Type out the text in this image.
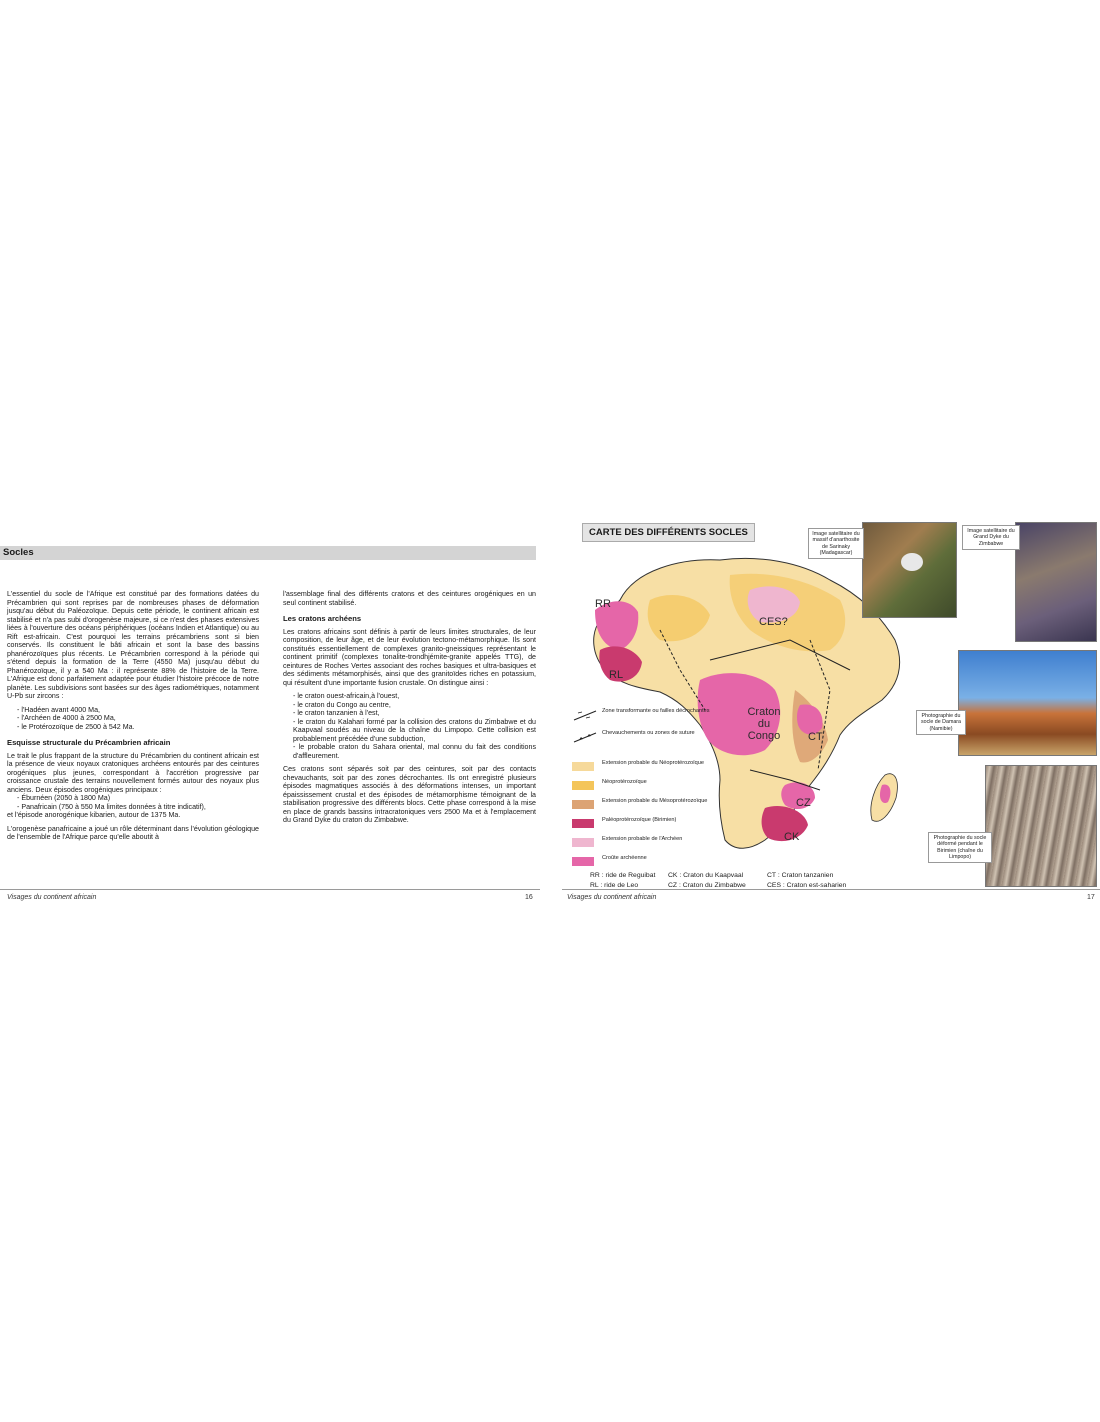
Socles

L'essentiel du socle de l'Afrique est constitué par des formations datées du Précambrien qui sont reprises par de nombreuses phases de déformation jusqu'au début du Paléozoïque. Depuis cette période, le continent africain est stabilisé et n'a pas subi d'orogenèse majeure, si ce n'est des phases extensives liées à l'ouverture des océans périphériques (océans Indien et Atlantique) ou au Rift est-africain. C'est pourquoi les terrains précambriens sont si bien conservés. Ils constituent le bâti africain et sont la base des bassins phanérozoïques plus récents. Le Précambrien correspond à la période qui s'étend depuis la formation de la Terre (4550 Ma) jusqu'au début du Phanérozoïque, il y a 540 Ma : il représente 88% de l'histoire de la Terre. L'Afrique est donc parfaitement adaptée pour étudier l'histoire précoce de notre planète. Les subdivisions sont basées sur des âges radiométriques, notamment U-Pb sur zircons :

- l'Hadéen avant 4000 Ma,
- l'Archéen de 4000 à 2500 Ma,
- le Protérozoïque de 2500 à 542 Ma.
Esquisse structurale du Précambrien africain

Le trait le plus frappant de la structure du Précambrien du continent africain est la présence de vieux noyaux cratoniques archéens entourés par des ceintures orogéniques plus jeunes, correspondant à l'accrétion progressive par croissance crustale des terrains nouvellement formés autour des noyaux plus anciens. Deux épisodes orogéniques principaux :

- Éburnéen (2050 à 1800 Ma)
- Panafricain (750 à 550 Ma limites données à titre indicatif),

et l'épisode anorogénique kibarien, autour de 1375 Ma.

L'orogenèse panafricaine a joué un rôle déterminant dans l'évolution géologique de l'ensemble de l'Afrique parce qu'elle aboutit à

l'assemblage final des différents cratons et des ceintures orogéniques en un seul continent stabilisé.

Les cratons archéens

Les cratons africains sont définis à partir de leurs limites structurales, de leur composition, de leur âge, et de leur évolution tectono-métamorphique. Ils sont constitués essentiellement de complexes granito-gneissiques représentant le continent primitif (complexes tonalite-trondhjémite-granite appelés TTG), de ceintures de Roches Vertes associant des roches basiques et ultra-basiques et des sédiments métamorphisés, ainsi que des granitoïdes riches en potassium, qui résultent d'une importante fusion crustale. On distingue ainsi :

- le craton ouest-africain,à l'ouest,
- le craton du Congo au centre,
- le craton tanzanien à l'est,
- le craton du Kalahari formé par la collision des cratons du Zimbabwe et du Kaapvaal soudés au niveau de la chaîne du Limpopo. Cette collision est probablement précédée d'une subduction,
- le probable craton du Sahara oriental, mal connu du fait des conditions d'affleurement.

Ces cratons sont séparés soit par des ceintures, soit par des contacts chevauchants, soit par des zones décrochantes. Ils ont enregistré plusieurs épisodes magmatiques associés à des déformations intenses, un important épaississement crustal et des épisodes de métamorphisme témoignant de la stabilisation progressive des différents blocs. Cette phase correspond à la mise en place de grands bassins intracratoniques vers 2500 Ma et à l'emplacement du Grand Dyke du craton du Zimbabwe.

Visages du continent africain	16	Visages du continent africain	17
CARTE DES DIFFÉRENTS SOCLES
RR
RL
CES?
Craton du Congo	CT
CZ
CK
Zone transformante ou failles décrochantes
Chevauchements ou zones de suture
Extension probable du Néoprotérozoïque
Néoprotérozoïque
Extension probable du Mésoprotérozoïque
Paléoprotérozoïque (Birimien)
Extension probable de l'Archéen
Croûte archéenne
RR : ride de Reguibat CK : Craton du Kaapvaal	CT : Craton tanzanien
RL : ride de Leo	CZ : Craton du Zimbabwe	CES : Craton est-saharien
Image satellitaire du massif d'anarthosite de Sarinaky (Madagascar)
Image satellitaire du Grand Dyke du Zimbabwe
Photographie du socle de Damara (Namibie)
Photographie du socle déformé pendant le Birimien (chaîne du Limpopo)
